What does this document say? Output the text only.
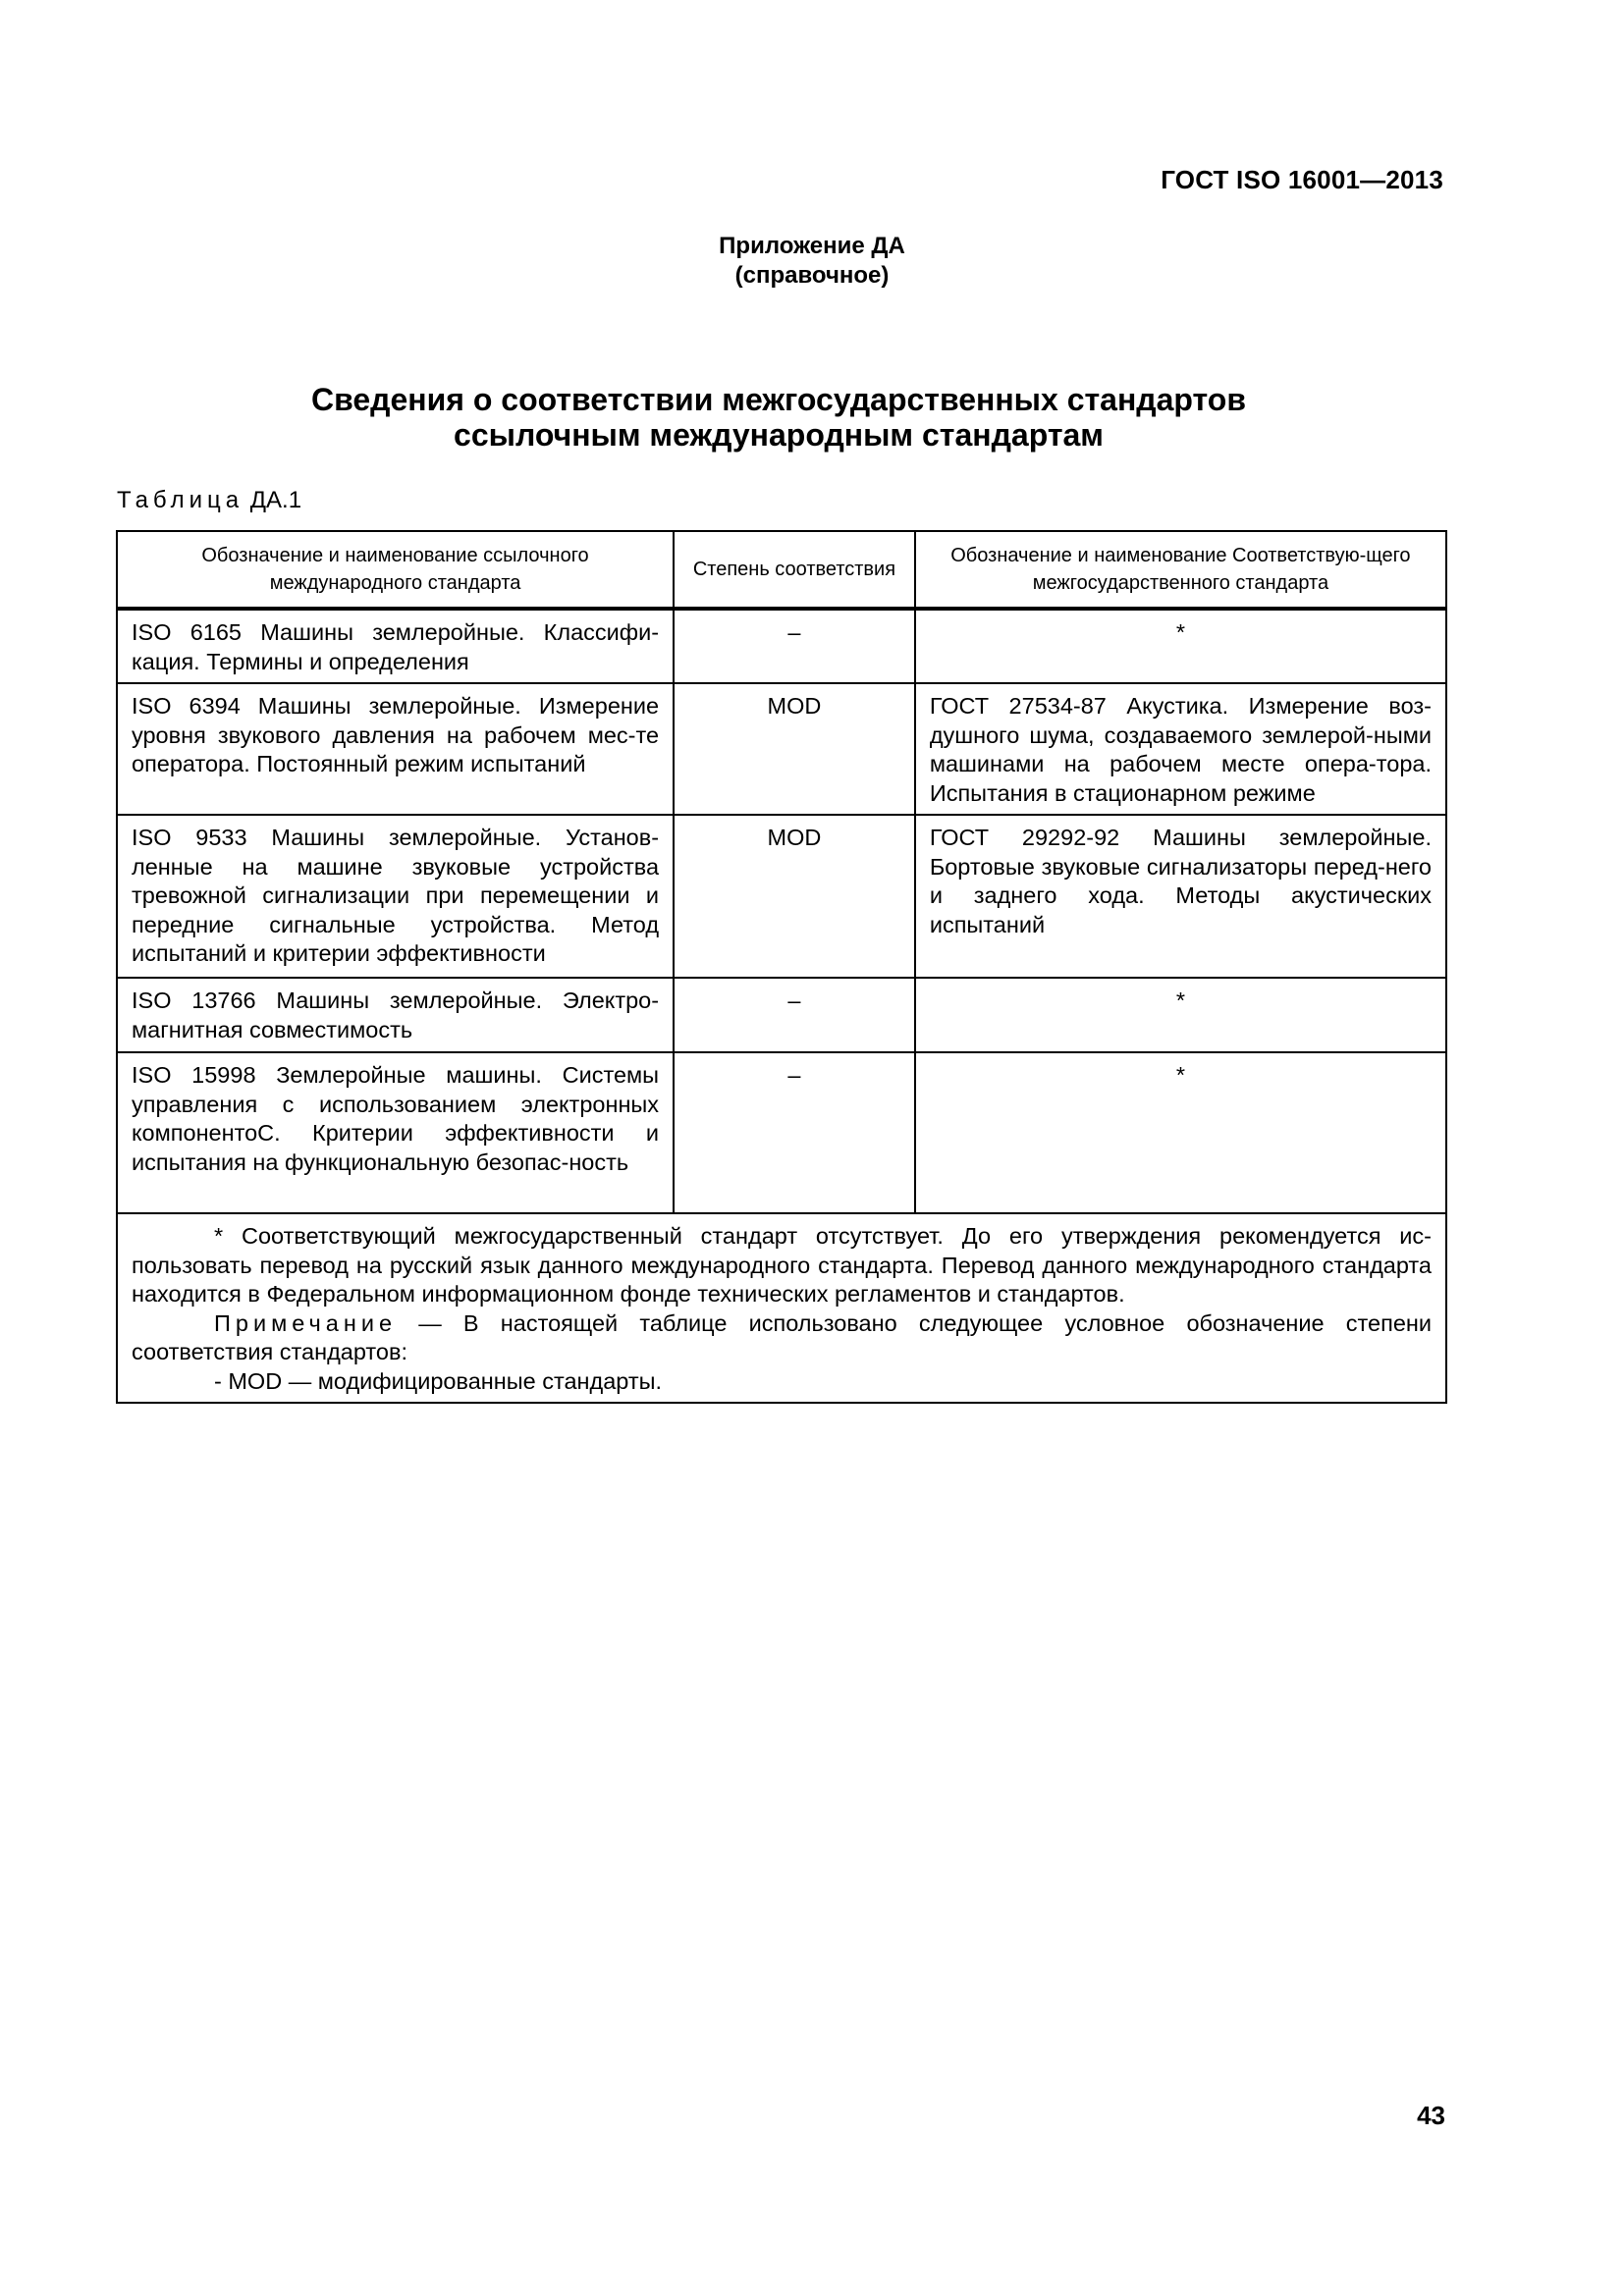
ГОСТ ISO 16001—2013
Приложение ДА
(справочное)
Сведения о соответствии межгосударственных стандартов
ссылочным международным стандартам
Таблица ДА.1
Обозначение и наименование ссылочного международного стандарта	Степень соответствия	Обозначение и наименование Соответствую-щего межгосударственного стандарта
ISO 6165 Машины землеройные. Классифи-кация. Термины и определения	–	*
ISO 6394 Машины землеройные. Измерение уровня звукового давления на рабочем мес-те оператора. Постоянный режим испытаний	MOD	ГОСТ 27534-87 Акустика. Измерение воз-душного шума, создаваемого землерой-ными машинами на рабочем месте опера-тора. Испытания в стационарном режиме
ISO 9533 Машины землеройные. Установ-ленные на машине звуковые устройства тревожной сигнализации при перемещении и передние сигнальные устройства. Метод испытаний и критерии эффективности	MOD	ГОСТ 29292-92 Машины землеройные. Бортовые звуковые сигнализаторы перед-него и заднего хода. Методы акустических испытаний
ISO 13766 Машины землеройные. Электро-магнитная совместимость	–	*
ISO 15998 Землеройные машины. Системы управления с использованием электронных компонентоС. Критерии эффективности и испытания на функциональную безопас-ность	–	*

* Соответствующий межгосударственный стандарт отсутствует. До его утверждения рекомендуется ис-пользовать перевод на русский язык данного международного стандарта. Перевод данного международного стандарта находится в Федеральном информационном фонде технических регламентов и стандартов.

Примечание — В настоящей таблице использовано следующее условное обозначение степени соответствия стандартов:

- MOD — модифицированные стандарты.		

43
